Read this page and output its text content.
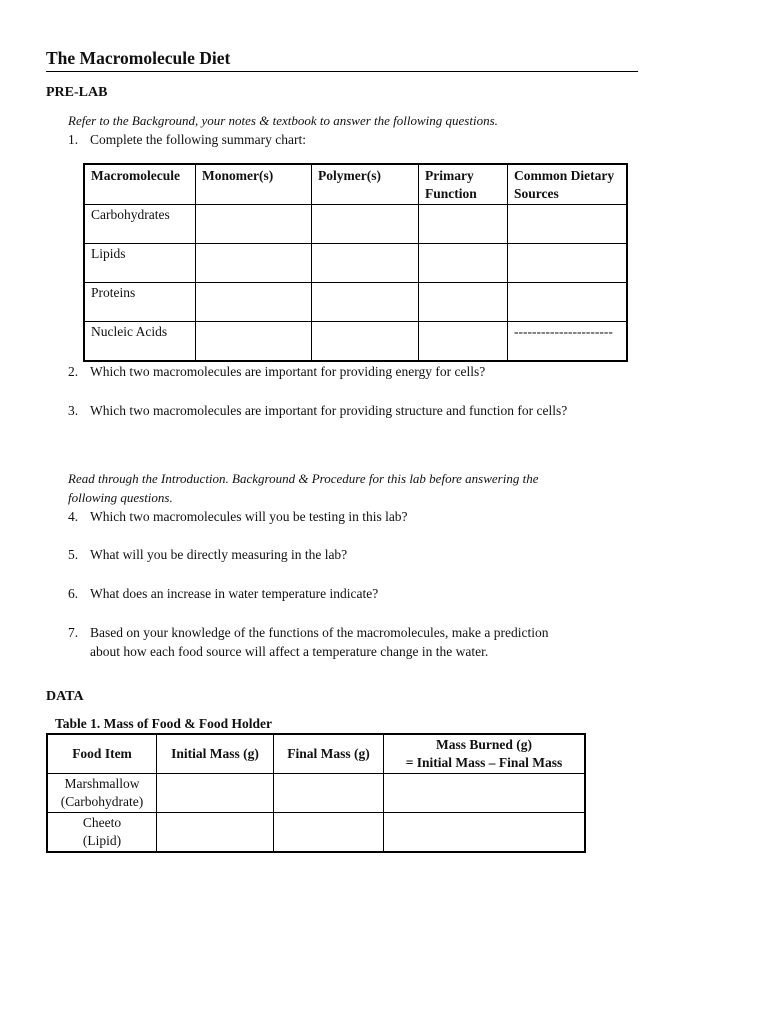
The Macromolecule Diet
PRE-LAB
Refer to the Background, your notes & textbook to answer the following questions.
1. Complete the following summary chart:
Macromolecule	Monomer(s)	Polymer(s)	Primary Function	Common Dietary Sources
Carbohydrates				
Lipids				
Proteins				
Nucleic Acids				----------------------
2. Which two macromolecules are important for providing energy for cells?
3. Which two macromolecules are important for providing structure and function for cells?
Read through the Introduction. Background & Procedure for this lab before answering the following questions.
4. Which two macromolecules will you be testing in this lab?
5. What will you be directly measuring in the lab?
6. What does an increase in water temperature indicate?
7. Based on your knowledge of the functions of the macromolecules, make a prediction about how each food source will affect a temperature change in the water.
DATA
Table 1. Mass of Food & Food Holder
Food Item	Initial Mass (g)	Final Mass (g)	Mass Burned (g)
= Initial Mass – Final Mass

Marshmallow
(Carbohydrate)			

Cheeto
(Lipid)			
